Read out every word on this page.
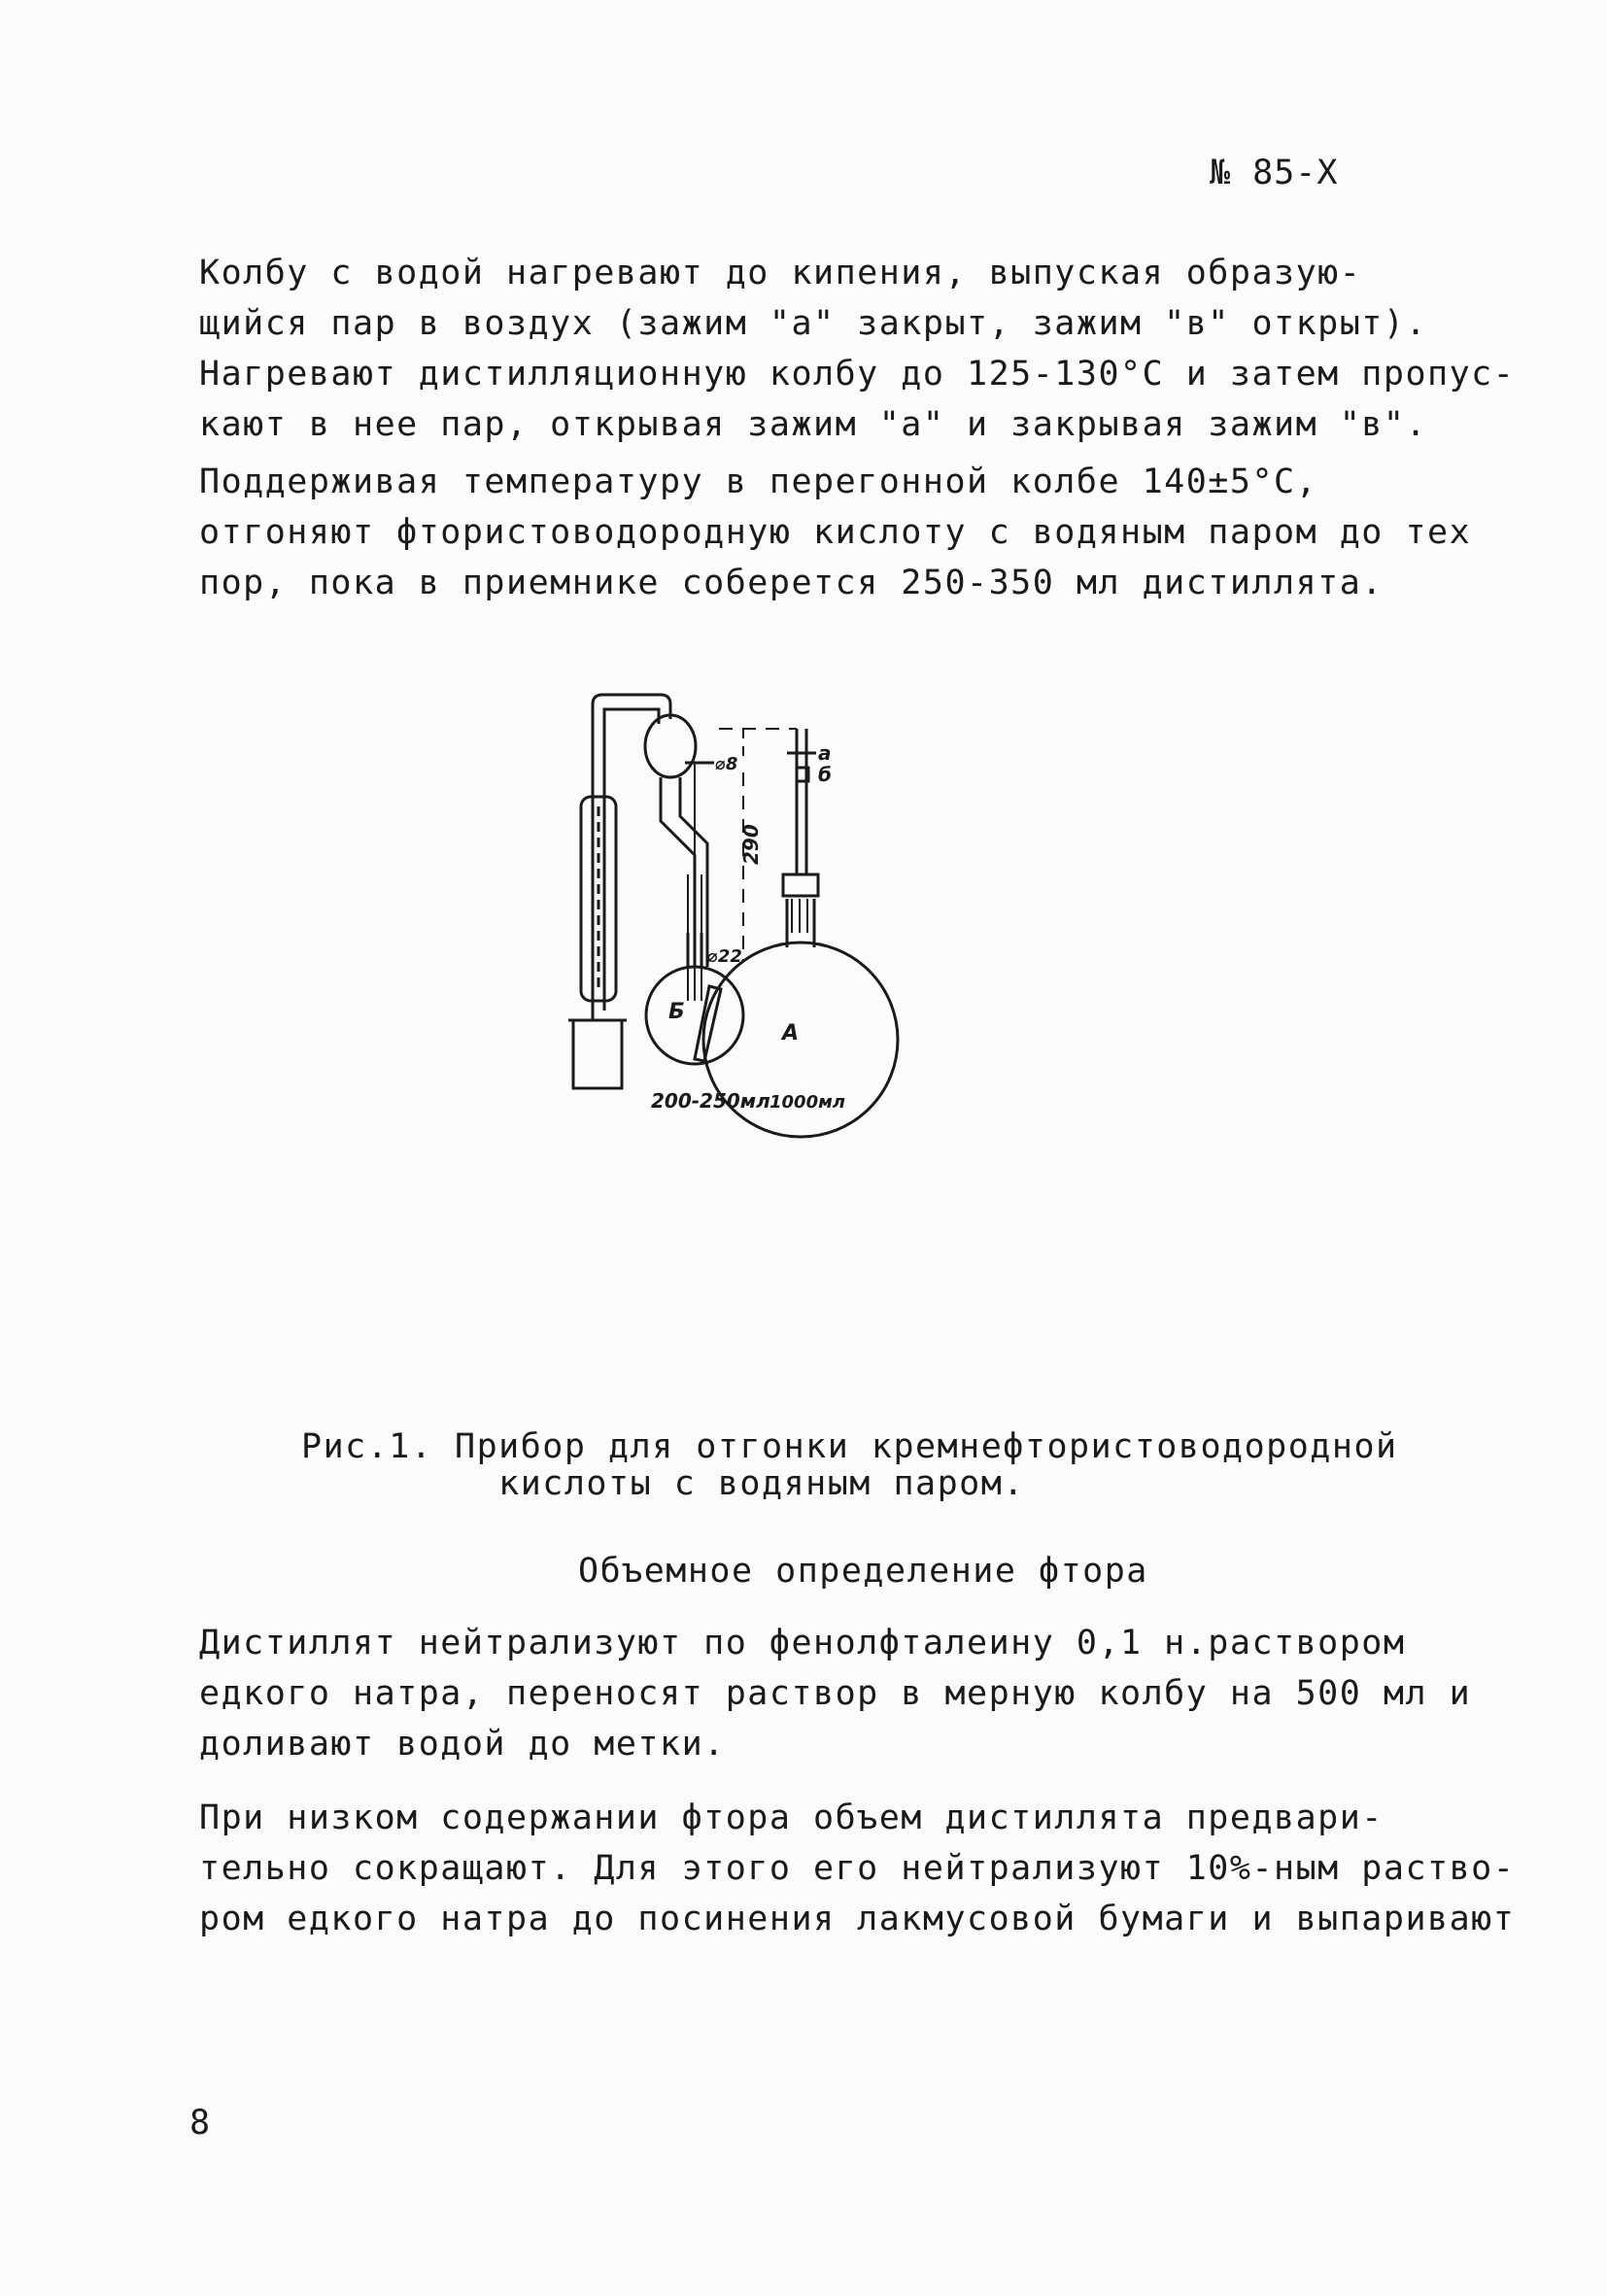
№ 85-X

Колбу с водой нагревают до кипения, выпуская образую-
щийся пар в воздух (зажим "а" закрыт, зажим "в" открыт).
Нагревают дистилляционную колбу до 125-130°С и затем пропус-
кают в нее пар, открывая зажим "а" и закрывая зажим "в".

Поддерживая температуру в перегонной колбе 140±5°С,
отгоняют фтористоводородную кислоту с водяным паром до тех
пор, пока в приемнике соберется 250-350 мл дистиллята.

⌀8	а
б
290
⌀22
Б
А
200-250мл 1000мл

Рис.1. Прибор для отгонки кремнефтористоводородной
кислоты с водяным паром.

Объемное определение фтора

Дистиллят нейтрализуют по фенолфталеину 0,1 н.раствором
едкого натра, переносят раствор в мерную колбу на 500 мл и
доливают водой до метки.

При низком содержании фтора объем дистиллята предвари-
тельно сокращают. Для этого его нейтрализуют 10%-ным раство-
ром едкого натра до посинения лакмусовой бумаги и выпаривают

8
